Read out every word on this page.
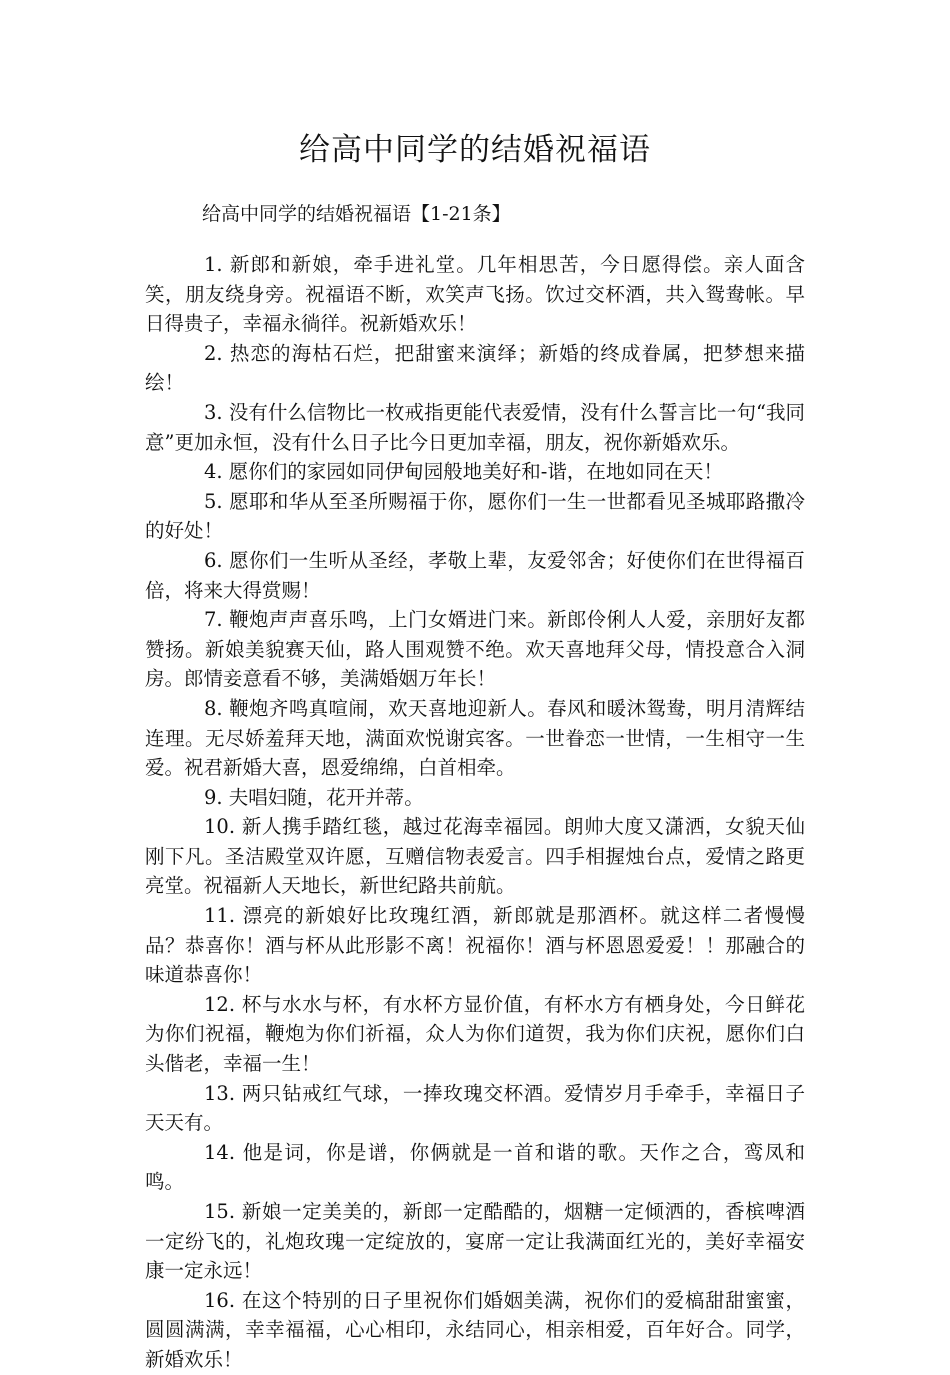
给高中同学的结婚祝福语

给高中同学的结婚祝福语【1-21条】

1. 新郎和新娘，牵手进礼堂。几年相思苦，今日愿得偿。亲人面含笑，朋友绕身旁。祝福语不断，欢笑声飞扬。饮过交杯酒，共入鸳鸯帐。早日得贵子，幸福永徜徉。祝新婚欢乐！
2. 热恋的海枯石烂，把甜蜜来演绎；新婚的终成眷属，把梦想来描绘！
3. 没有什么信物比一枚戒指更能代表爱情，没有什么誓言比一句“我同意”更加永恒，没有什么日子比今日更加幸福，朋友，祝你新婚欢乐。
4. 愿你们的家园如同伊甸园般地美好和-谐，在地如同在天！
5. 愿耶和华从至圣所赐福于你，愿你们一生一世都看见圣城耶路撒冷的好处！
6. 愿你们一生听从圣经，孝敬上辈，友爱邻舍；好使你们在世得福百倍，将来大得赏赐！
7. 鞭炮声声喜乐鸣，上门女婿进门来。新郎伶俐人人爱，亲朋好友都赞扬。新娘美貌赛天仙，路人围观赞不绝。欢天喜地拜父母，情投意合入洞房。郎情妾意看不够，美满婚姻万年长！
8. 鞭炮齐鸣真喧闹，欢天喜地迎新人。春风和暖沐鸳鸯，明月清辉结连理。无尽娇羞拜天地，满面欢悦谢宾客。一世眷恋一世情，一生相守一生爱。祝君新婚大喜，恩爱绵绵，白首相牵。
9. 夫唱妇随，花开并蒂。
10. 新人携手踏红毯，越过花海幸福园。朗帅大度又潇洒，女貌天仙刚下凡。圣洁殿堂双许愿，互赠信物表爱言。四手相握烛台点，爱情之路更亮堂。祝福新人天地长，新世纪路共前航。
11. 漂亮的新娘好比玫瑰红酒，新郎就是那酒杯。就这样二者慢慢品？恭喜你！酒与杯从此形影不离！祝福你！酒与杯恩恩爱爱！！那融合的味道恭喜你！
12. 杯与水水与杯，有水杯方显价值，有杯水方有栖身处，今日鲜花为你们祝福，鞭炮为你们祈福，众人为你们道贺，我为你们庆祝，愿你们白头偕老，幸福一生！
13. 两只钻戒红气球，一捧玫瑰交杯酒。爱情岁月手牵手，幸福日子天天有。
14. 他是词，你是谱，你俩就是一首和谐的歌。天作之合，鸾凤和鸣。
15. 新娘一定美美的，新郎一定酷酷的，烟糖一定倾洒的，香槟啤酒一定纷飞的，礼炮玫瑰一定绽放的，宴席一定让我满面红光的，美好幸福安康一定永远！
16. 在这个特别的日子里祝你们婚姻美满，祝你们的爱槁甜甜蜜蜜，圆圆满满，幸幸福福，心心相印，永结同心，相亲相爱，百年好合。同学，新婚欢乐！
